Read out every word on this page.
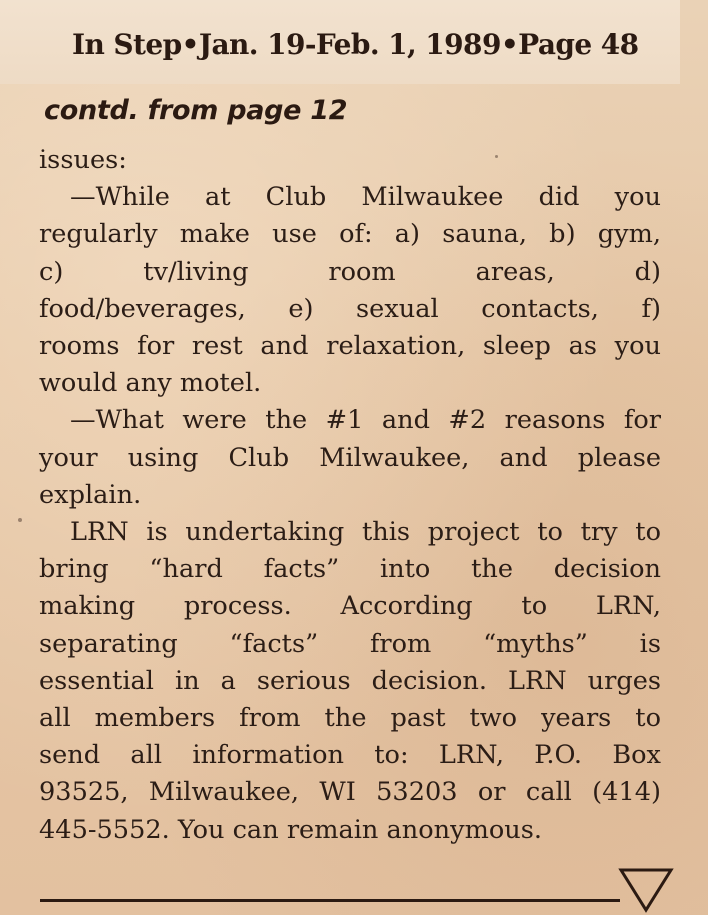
In Step•Jan. 19-Feb. 1, 1989•Page 48
contd. from page 12
issues:
—While at Club Milwaukee did you
regularly make use of: a) sauna, b) gym,
c) tv/living room areas, d)
food/beverages, e) sexual contacts, f)
rooms for rest and relaxation, sleep as you
would any motel.
—What were the #1 and #2 reasons for
your using Club Milwaukee, and please
explain.
LRN is undertaking this project to try to
bring “hard facts” into the decision
making process. According to LRN,
separating “facts” from “myths” is
essential in a serious decision. LRN urges
all members from the past two years to
send all information to: LRN, P.O. Box
93525, Milwaukee, WI 53203 or call (414)
445-5552. You can remain anonymous.
